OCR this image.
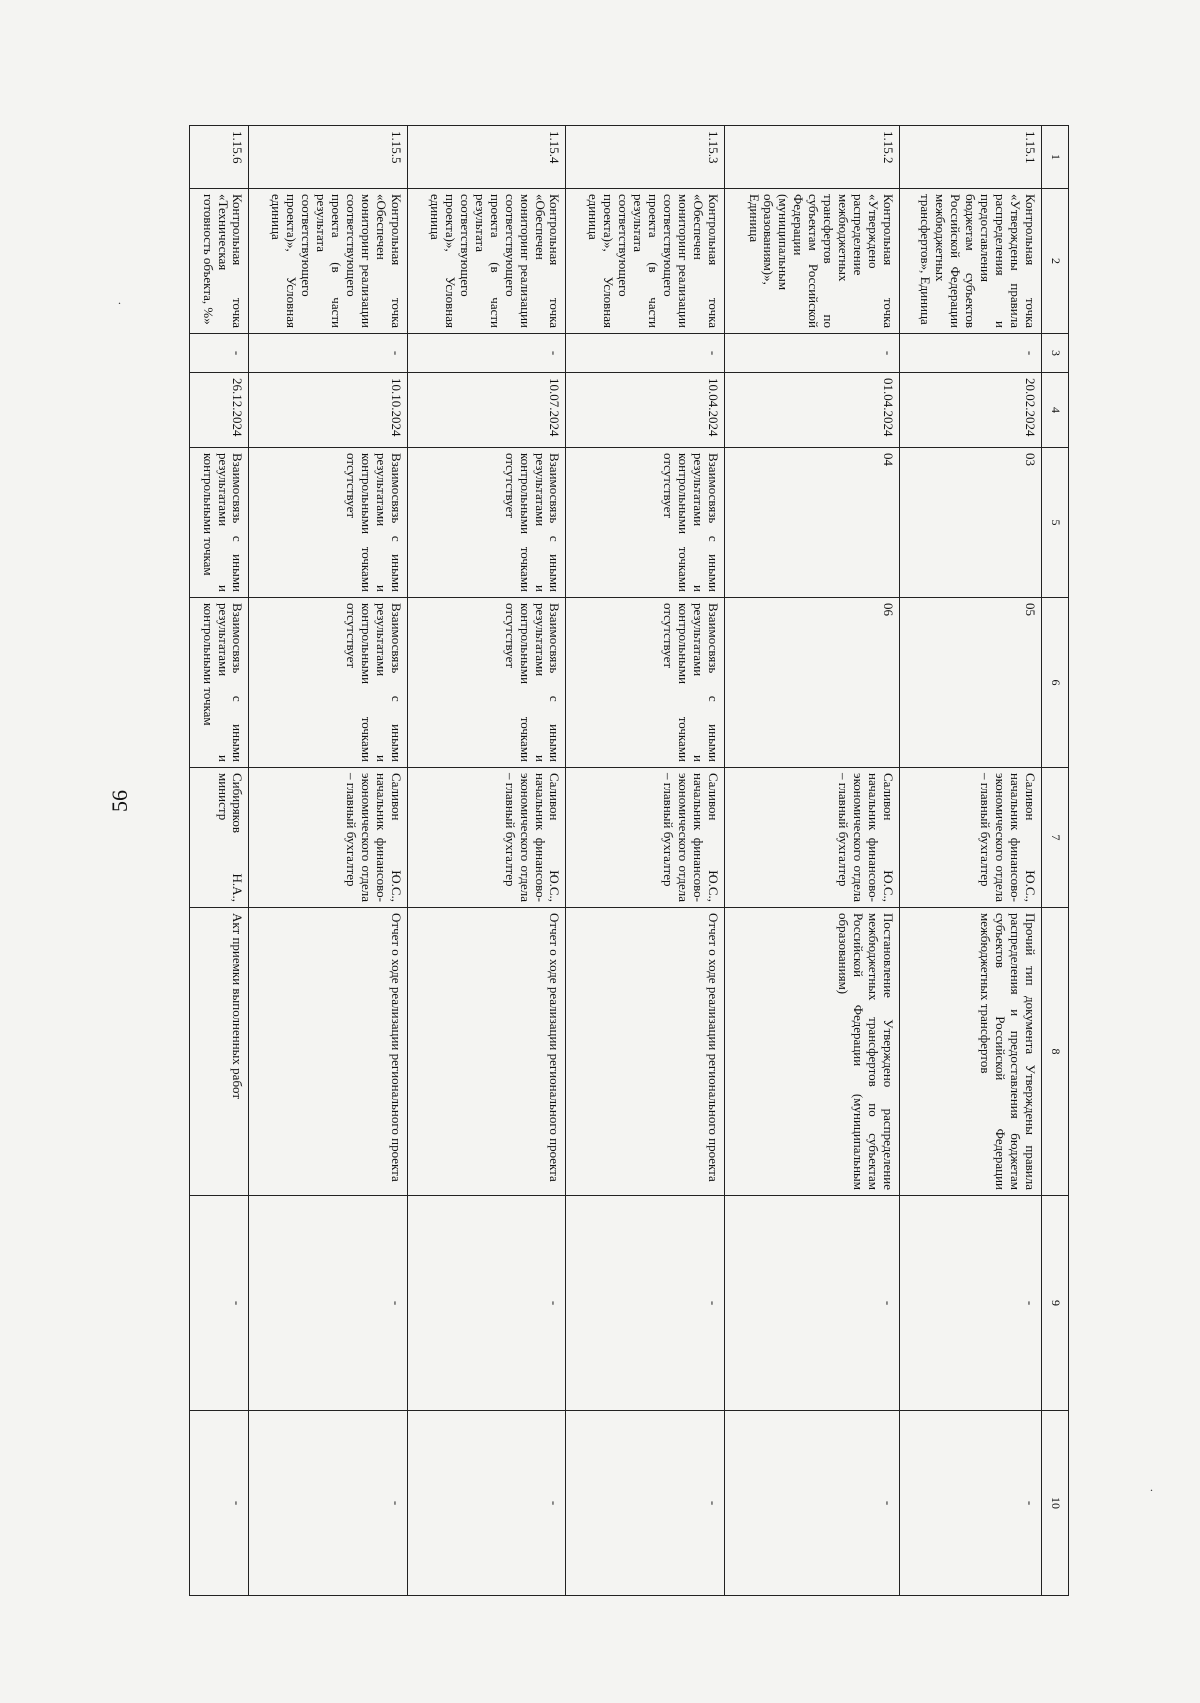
56
.
.
1	2	3	4	5	6	7	8	9	10
1.15.1	Контрольная точка «Утверждены правила распределения и предоставления бюджетам субъектов Российской Федерации межбюджетных трансфертов», Единица	-	20.02.2024	03	05	Саливон Ю.С., начальник финансово-экономического отдела – главный бухгалтер	Прочий тип документа Утверждены правила распределения и предоставления бюджетам субъектов Российской Федерации межбюджетных трансфертов	-	-
1.15.2	Контрольная точка «Утверждено распределение межбюджетных трансфертов по субъектам Российской Федерации (муниципальным образованиям)», Единица	-	01.04.2024	04	06	Саливон Ю.С., начальник финансово-экономического отдела – главный бухгалтер	Постановление Утверждено распределение межбюджетных трансфертов по субъектам Российской Федерации (муниципальным образованиям)	-	-
1.15.3	Контрольная точка «Обеспечен мониторинг реализации соответствующего проекта (в части результата соответствующего проекта)», Условная единица	-	10.04.2024	Взаимосвязь с иными результатами и контрольными точками отсутствует	Взаимосвязь с иными результатами и контрольными точками отсутствует	Саливон Ю.С., начальник финансово-экономического отдела – главный бухгалтер	Отчет о ходе реализации регионального проекта	-	-
1.15.4	Контрольная точка «Обеспечен мониторинг реализации соответствующего проекта (в части результата соответствующего проекта)», Условная единица	-	10.07.2024	Взаимосвязь с иными результатами и контрольными точками отсутствует	Взаимосвязь с иными результатами и контрольными точками отсутствует	Саливон Ю.С., начальник финансово-экономического отдела – главный бухгалтер	Отчет о ходе реализации регионального проекта	-	-
1.15.5	Контрольная точка «Обеспечен мониторинг реализации соответствующего проекта (в части результата соответствующего проекта)», Условная единица	-	10.10.2024	Взаимосвязь с иными результатами и контрольными точками отсутствует	Взаимосвязь с иными результатами и контрольными точками отсутствует	Саливон Ю.С., начальник финансово-экономического отдела – главный бухгалтер	Отчет о ходе реализации регионального проекта	-	-
1.15.6	Контрольная точка «Техническая готовность объекта, %»	-	26.12.2024	Взаимосвязь с иными результатами и контрольными точкам	Взаимосвязь с иными результатами и контрольными точкам	Сибиряков Н.А., министр	Акт приемки выполненных работ	-	-
